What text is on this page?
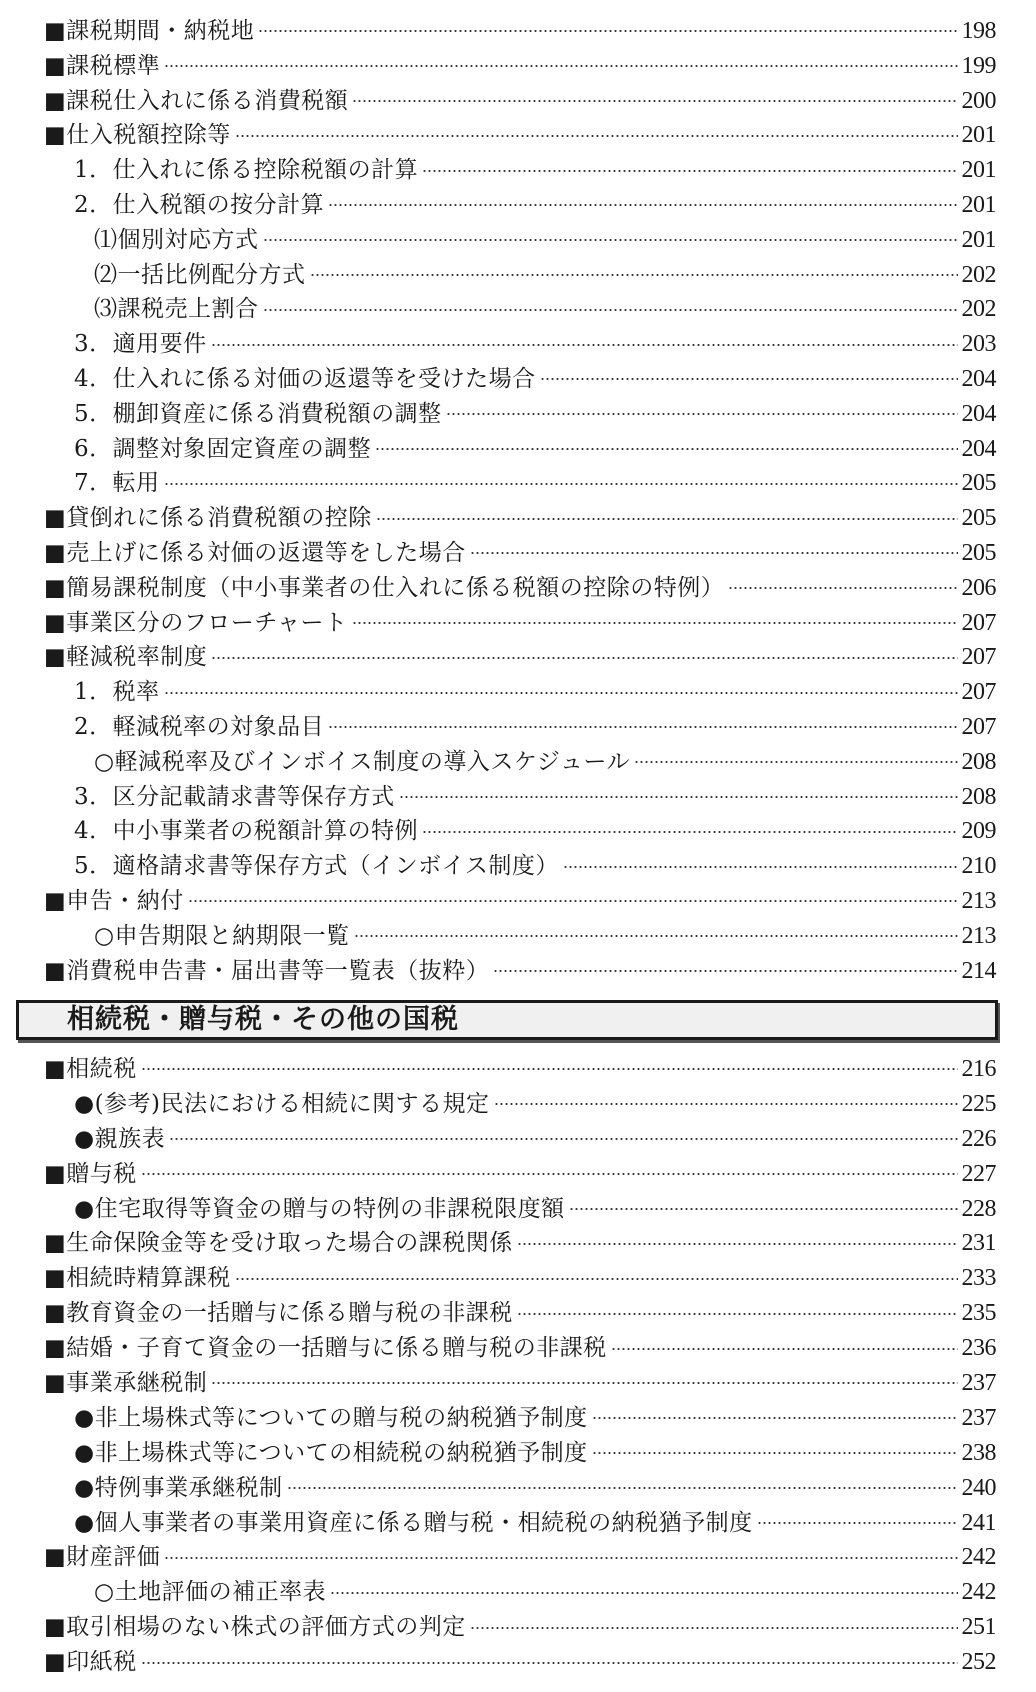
■課税期間・納税地	198
■課税標準	199
■課税仕入れに係る消費税額	200
■仕入税額控除等	201
1．仕入れに係る控除税額の計算	201
2．仕入税額の按分計算	201
⑴個別対応方式	201
⑵一括比例配分方式	202
⑶課税売上割合	202
3．適用要件	203
4．仕入れに係る対価の返還等を受けた場合	204
5．棚卸資産に係る消費税額の調整	204
6．調整対象固定資産の調整	204
7．転用	205
■貸倒れに係る消費税額の控除	205
■売上げに係る対価の返還等をした場合	205
■簡易課税制度（中小事業者の仕入れに係る税額の控除の特例）	206
■事業区分のフローチャート	207
■軽減税率制度	207
1．税率	207
2．軽減税率の対象品目	207
○軽減税率及びインボイス制度の導入スケジュール	208
3．区分記載請求書等保存方式	208
4．中小事業者の税額計算の特例	209
5．適格請求書等保存方式（インボイス制度）	210
■申告・納付	213
○申告期限と納期限一覧	213
■消費税申告書・届出書等一覧表（抜粋）	214
相続税・贈与税・その他の国税
■相続税	216
●(参考)民法における相続に関する規定	225
●親族表	226
■贈与税	227
●住宅取得等資金の贈与の特例の非課税限度額	228
■生命保険金等を受け取った場合の課税関係	231
■相続時精算課税	233
■教育資金の一括贈与に係る贈与税の非課税	235
■結婚・子育て資金の一括贈与に係る贈与税の非課税	236
■事業承継税制	237
●非上場株式等についての贈与税の納税猶予制度	237
●非上場株式等についての相続税の納税猶予制度	238
●特例事業承継税制	240
●個人事業者の事業用資産に係る贈与税・相続税の納税猶予制度	241
■財産評価	242
○土地評価の補正率表	242
■取引相場のない株式の評価方式の判定	251
■印紙税	252
